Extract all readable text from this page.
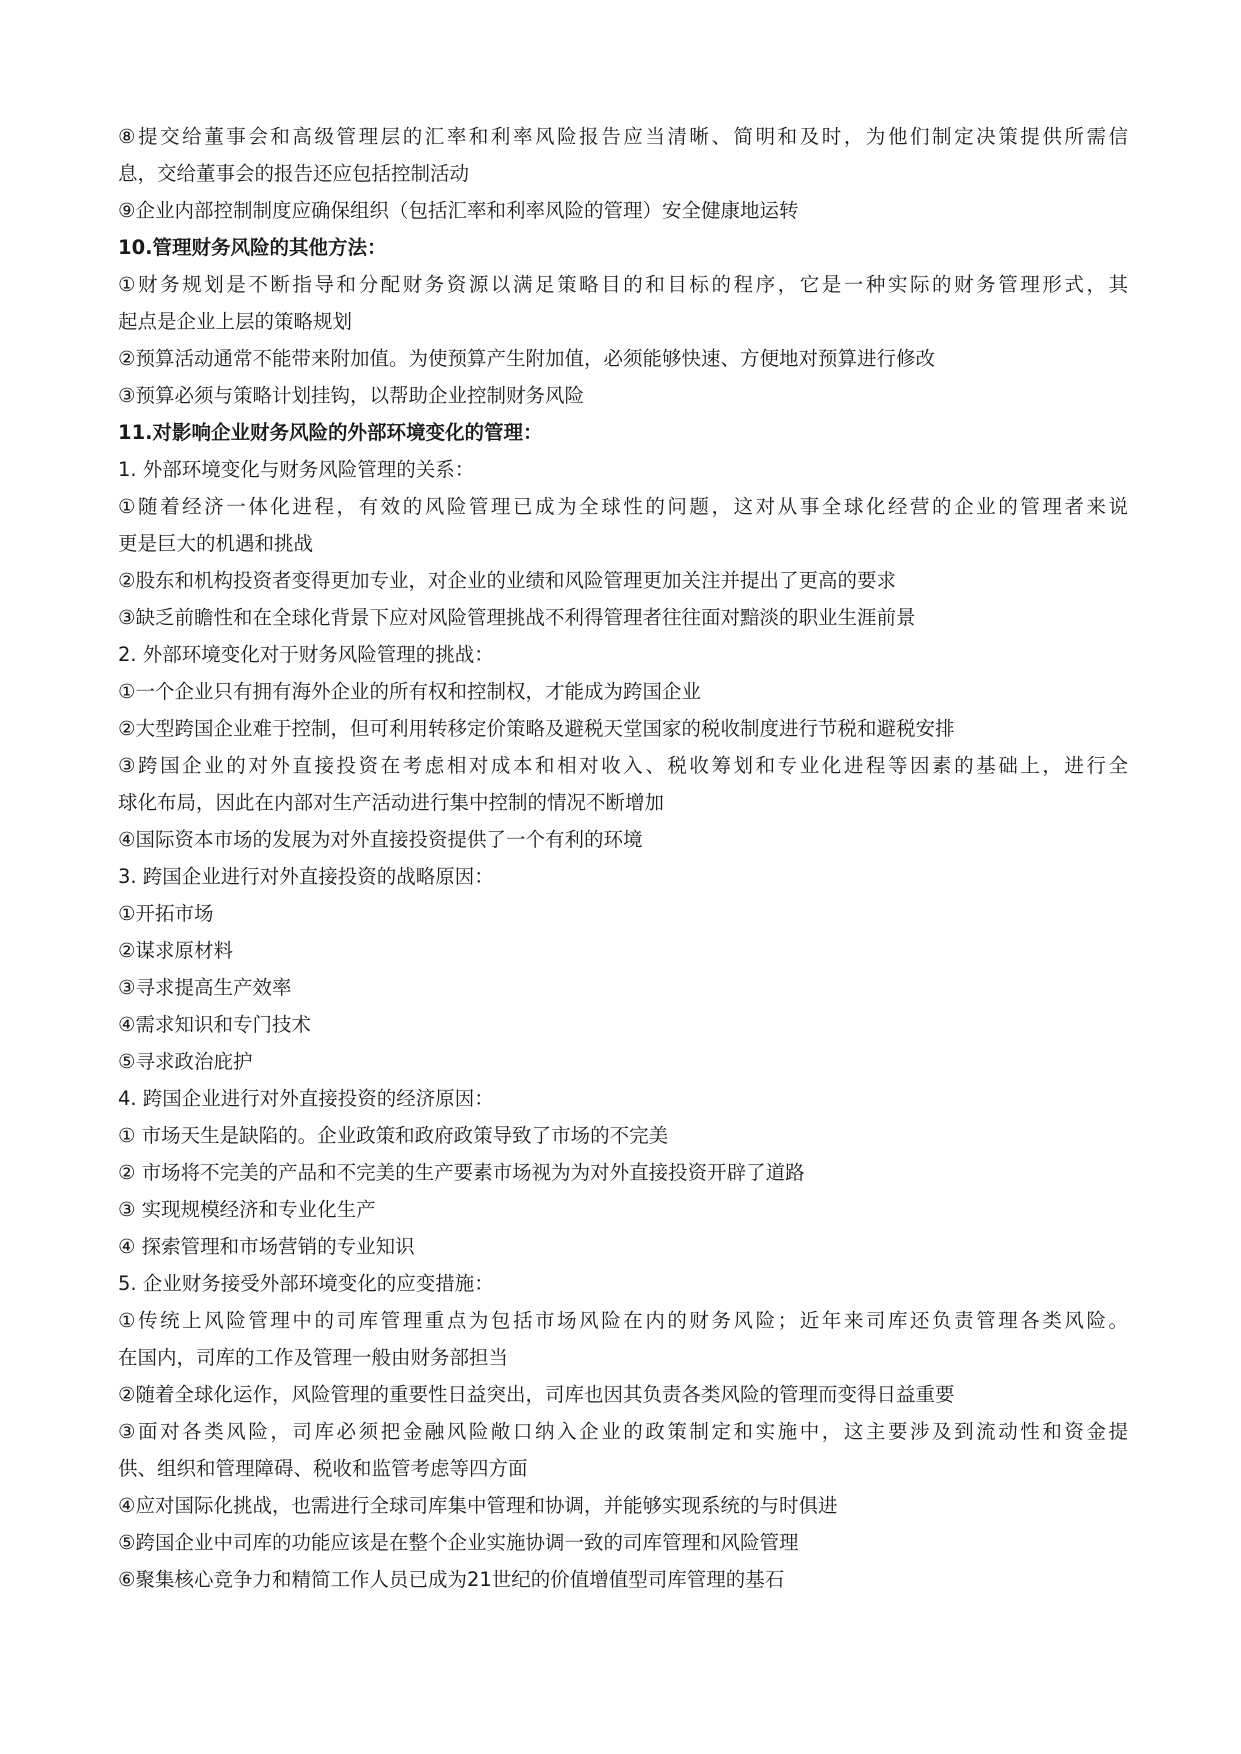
⑧提交给董事会和高级管理层的汇率和利率风险报告应当清晰、简明和及时，为他们制定决策提供所需信
息，交给董事会的报告还应包括控制活动
⑨企业内部控制制度应确保组织（包括汇率和利率风险的管理）安全健康地运转
10.管理财务风险的其他方法：
①财务规划是不断指导和分配财务资源以满足策略目的和目标的程序，它是一种实际的财务管理形式，其
起点是企业上层的策略规划
②预算活动通常不能带来附加值。为使预算产生附加值，必须能够快速、方便地对预算进行修改
③预算必须与策略计划挂钩，以帮助企业控制财务风险
11.对影响企业财务风险的外部环境变化的管理：
1. 外部环境变化与财务风险管理的关系：
①随着经济一体化进程，有效的风险管理已成为全球性的问题，这对从事全球化经营的企业的管理者来说
更是巨大的机遇和挑战
②股东和机构投资者变得更加专业，对企业的业绩和风险管理更加关注并提出了更高的要求
③缺乏前瞻性和在全球化背景下应对风险管理挑战不利得管理者往往面对黯淡的职业生涯前景
2. 外部环境变化对于财务风险管理的挑战：
①一个企业只有拥有海外企业的所有权和控制权，才能成为跨国企业
②大型跨国企业难于控制，但可利用转移定价策略及避税天堂国家的税收制度进行节税和避税安排
③跨国企业的对外直接投资在考虑相对成本和相对收入、税收筹划和专业化进程等因素的基础上，进行全
球化布局，因此在内部对生产活动进行集中控制的情况不断增加
④国际资本市场的发展为对外直接投资提供了一个有利的环境
3. 跨国企业进行对外直接投资的战略原因：
①开拓市场
②谋求原材料
③寻求提高生产效率
④需求知识和专门技术
⑤寻求政治庇护
4. 跨国企业进行对外直接投资的经济原因：
① 市场天生是缺陷的。企业政策和政府政策导致了市场的不完美
② 市场将不完美的产品和不完美的生产要素市场视为为对外直接投资开辟了道路
③ 实现规模经济和专业化生产
④ 探索管理和市场营销的专业知识
5. 企业财务接受外部环境变化的应变措施：
①传统上风险管理中的司库管理重点为包括市场风险在内的财务风险；近年来司库还负责管理各类风险。
在国内，司库的工作及管理一般由财务部担当
②随着全球化运作，风险管理的重要性日益突出，司库也因其负责各类风险的管理而变得日益重要
③面对各类风险，司库必须把金融风险敞口纳入企业的政策制定和实施中，这主要涉及到流动性和资金提
供、组织和管理障碍、税收和监管考虑等四方面
④应对国际化挑战，也需进行全球司库集中管理和协调，并能够实现系统的与时俱进
⑤跨国企业中司库的功能应该是在整个企业实施协调一致的司库管理和风险管理
⑥聚集核心竞争力和精简工作人员已成为21世纪的价值增值型司库管理的基石
